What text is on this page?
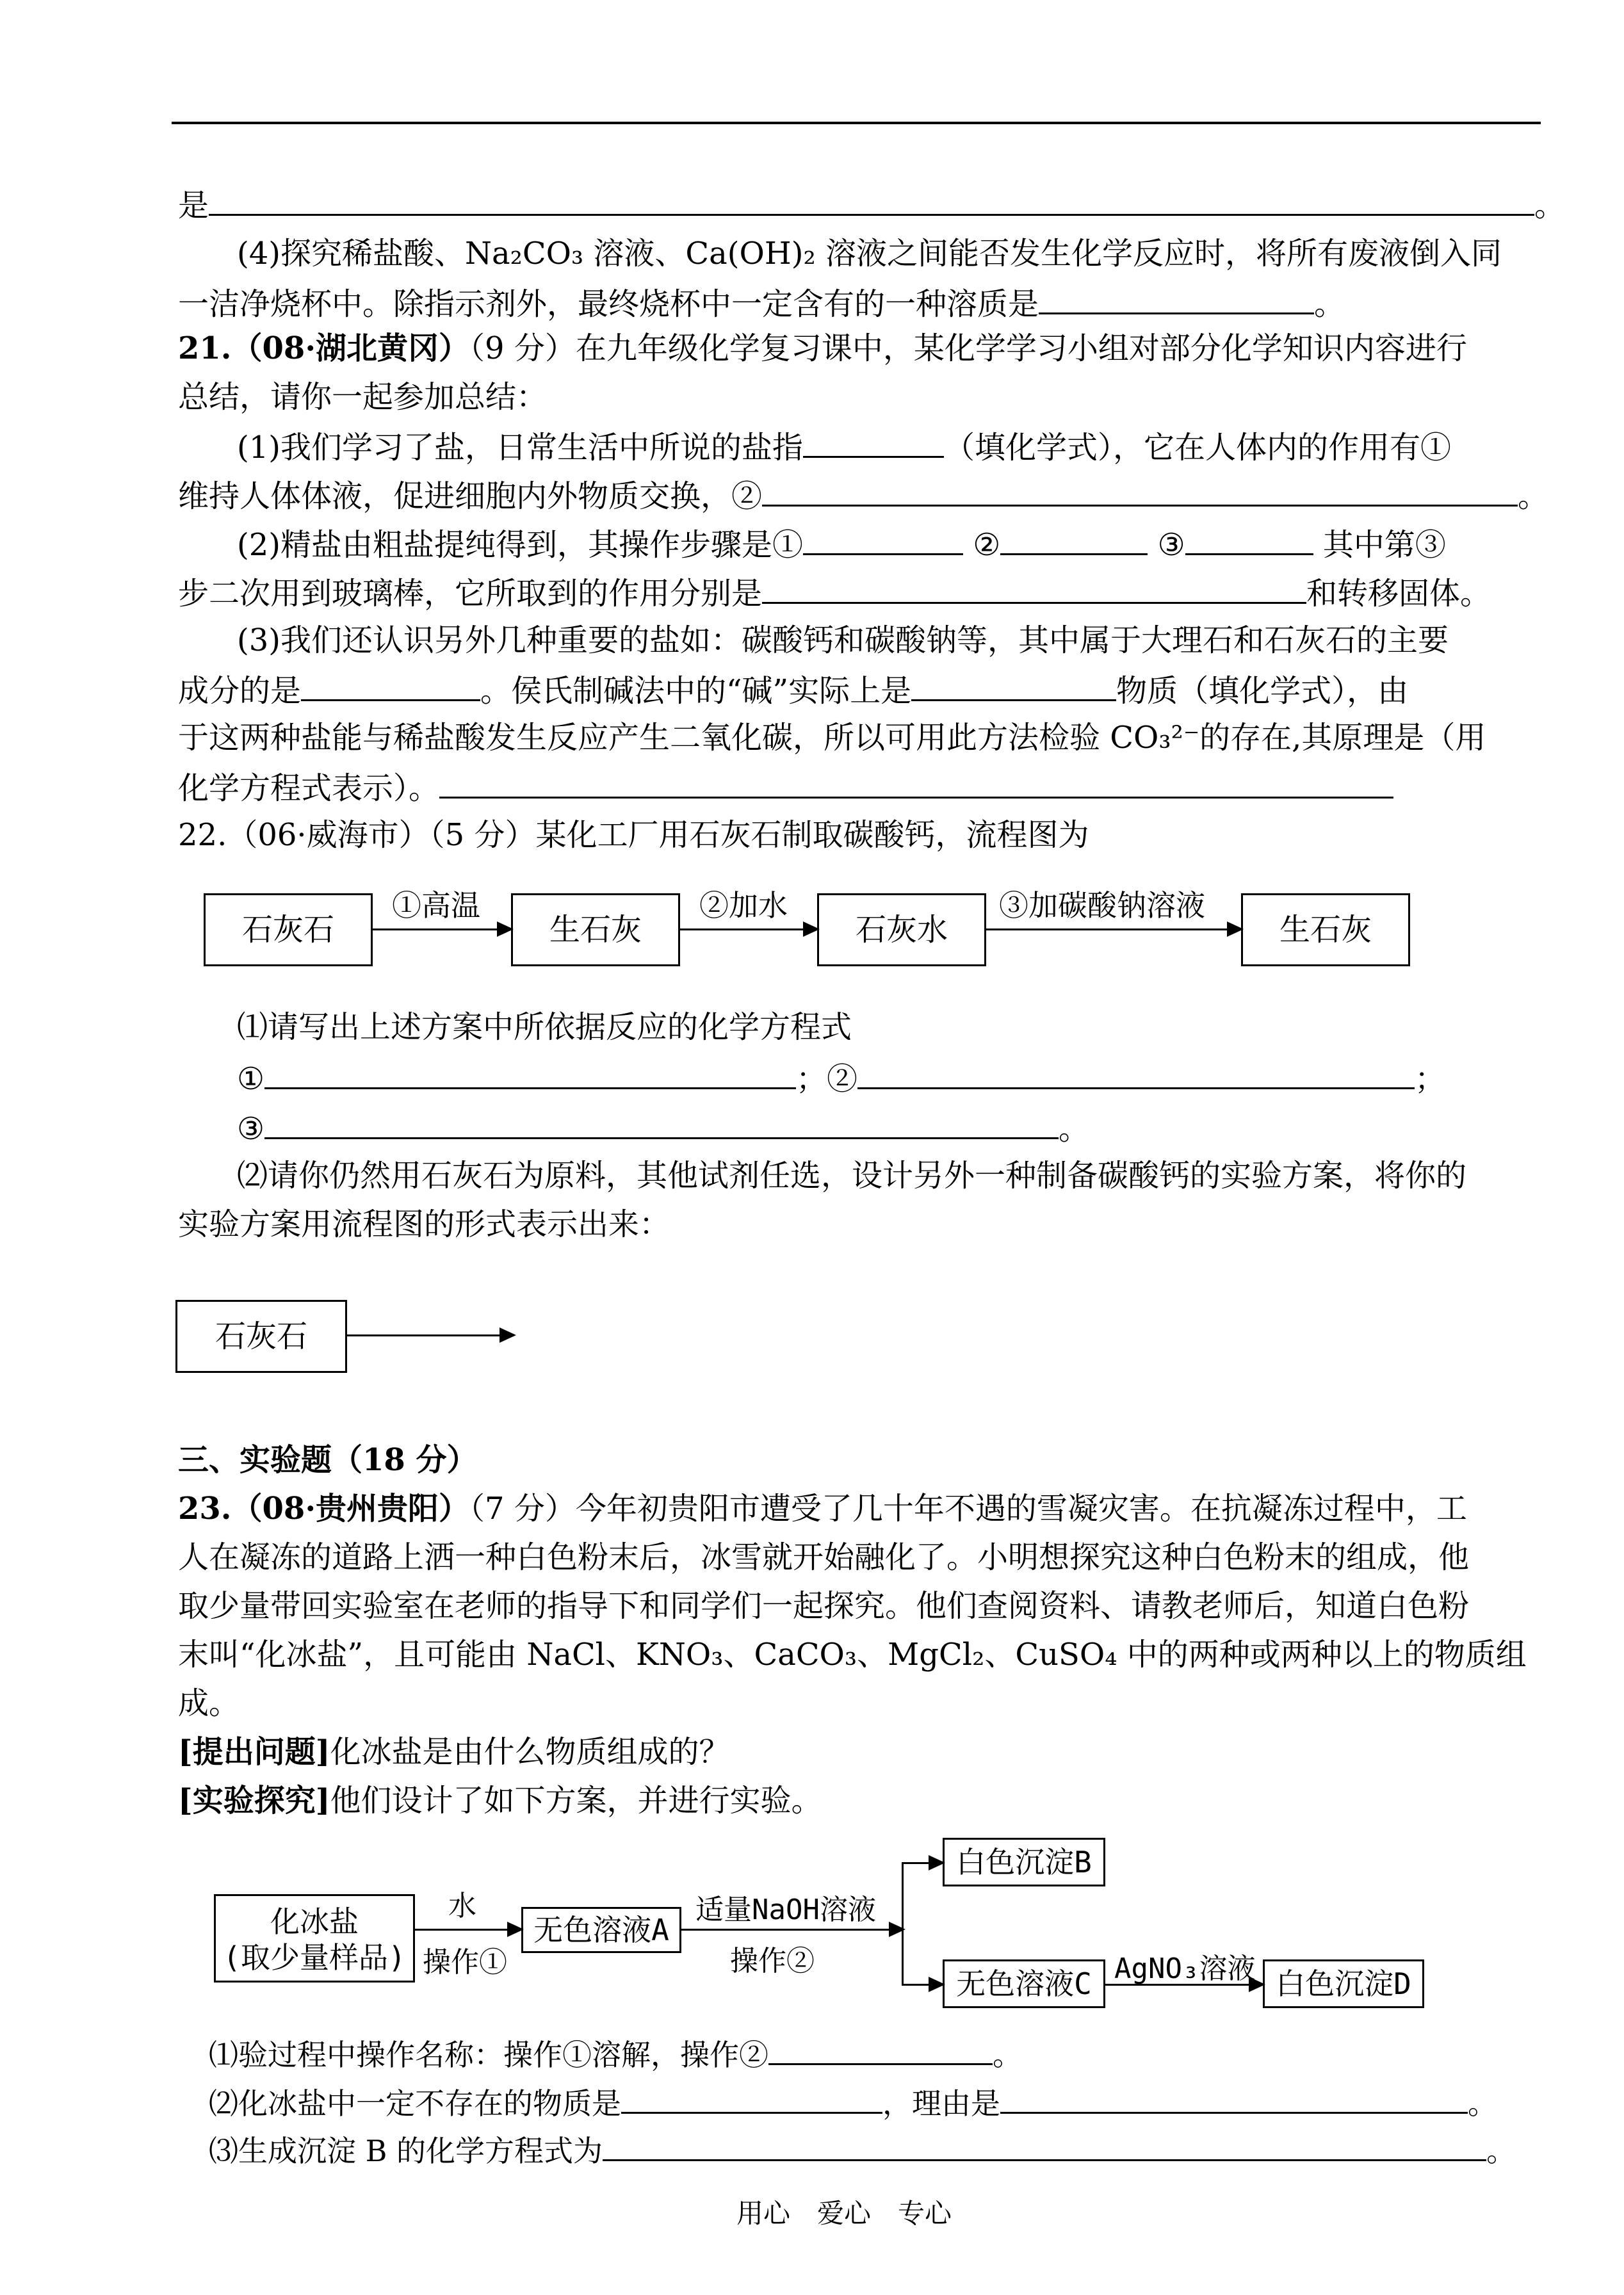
是	。
(4)探究稀盐酸、Na₂CO₃ 溶液、Ca(OH)₂ 溶液之间能否发生化学反应时，将所有废液倒入同
一洁净烧杯中。除指示剂外，最终烧杯中一定含有的一种溶质是	。
21.（08·湖北黄冈）（9 分）在九年级化学复习课中，某化学学习小组对部分化学知识内容进行
总结，请你一起参加总结：
(1)我们学习了盐，日常生活中所说的盐指	（填化学式），它在人体内的作用有①
维持人体体液，促进细胞内外物质交换，②	。
(2)精盐由粗盐提纯得到，其操作步骤是①	②	③	其中第③
步二次用到玻璃棒，它所取到的作用分别是	和转移固体。
(3)我们还认识另外几种重要的盐如：碳酸钙和碳酸钠等，其中属于大理石和石灰石的主要
成分的是	。侯氏制碱法中的“碱”实际上是	物质（填化学式），由
于这两种盐能与稀盐酸发生反应产生二氧化碳，所以可用此方法检验 CO₃²⁻的存在,其原理是（用
化学方程式表示）。
22.（06·威海市）（5 分）某化工厂用石灰石制取碳酸钙，流程图为
石灰石
①高温
生石灰
②加水
石灰水
③加碳酸钠溶液
生石灰
⑴请写出上述方案中所依据反应的化学方程式
①	；②	；
③	。
⑵请你仍然用石灰石为原料，其他试剂任选，设计另外一种制备碳酸钙的实验方案，将你的
实验方案用流程图的形式表示出来：
石灰石
三、实验题（18 分）
23.（08·贵州贵阳）（7 分）今年初贵阳市遭受了几十年不遇的雪凝灾害。在抗凝冻过程中，工
人在凝冻的道路上洒一种白色粉末后，冰雪就开始融化了。小明想探究这种白色粉末的组成，他
取少量带回实验室在老师的指导下和同学们一起探究。他们查阅资料、请教老师后，知道白色粉
末叫“化冰盐”，且可能由 NaCl、KNO₃、CaCO₃、MgCl₂、CuSO₄ 中的两种或两种以上的物质组
成。
[提出问题]化冰盐是由什么物质组成的？
[实验探究]他们设计了如下方案，并进行实验。
化冰盐
(取少量样品)
水
操作①
无色溶液A
适量NaOH溶液
操作②
白色沉淀B
无色溶液C AgNO₃溶液 白色沉淀D
⑴验过程中操作名称：操作①溶解，操作②	。
⑵化冰盐中一定不存在的物质是	，理由是	。
⑶生成沉淀 B 的化学方程式为	。
用心　爱心　专心
